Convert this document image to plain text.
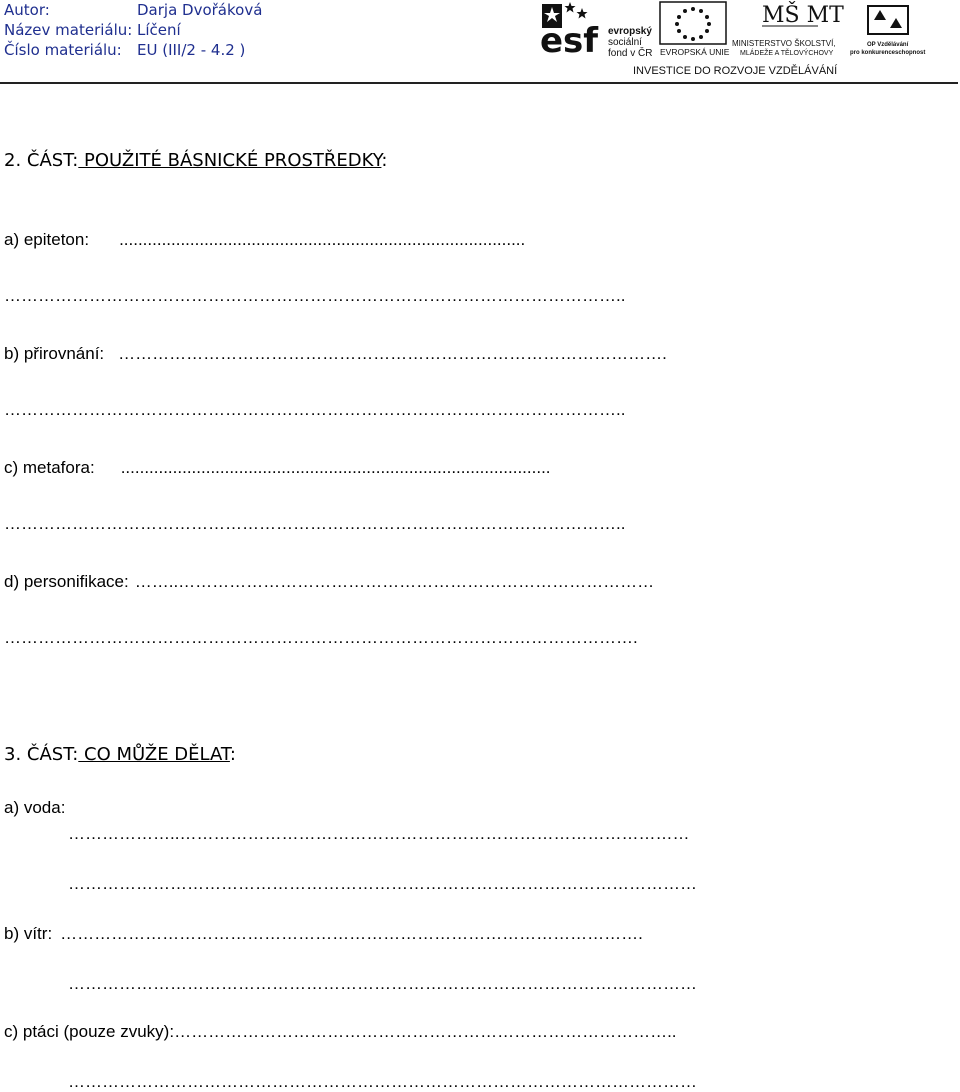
Autor:	Darja Dvořáková
Název materiálu: Líčení
Číslo materiálu: EU (III/2 - 4.2 )	esf evropský
sociální
fond v ČR EVROPSKÁ UNIE
MŠ MT
MINISTERSTVO ŠKOLSTVÍ,
MLÁDEŽE A TĚLOVÝCHOVY
OP Vzdělávání
pro konkurenceschopnost
INVESTICE DO ROZVOJE VZDĚLÁVÁNÍ
2. ČÁST: POUŽITÉ BÁSNICKÉ PROSTŘEDKY:
a) epiteton: ......................................................................................
………………………………………………………………………………………………..
b) přirovnání: …………………………………………………………………………………….
………………………………………………………………………………………………..
c) metafora: ...........................................................................................
………………………………………………………………………………………………..
d) personifikace: ……..…………………………………………………………………………
………………………………………………………………………………………………….
3. ČÁST: CO MŮŽE DĚLAT:
a) voda:
………………..………………………………………………………………………………
…………………………………………………………………………………………………
b) vítr: ………………………………………………………………………………………….
…………………………………………………………………………………………………
c) ptáci (pouze zvuky):……………………………………………………………………………..
…………………………………………………………………………………………………
